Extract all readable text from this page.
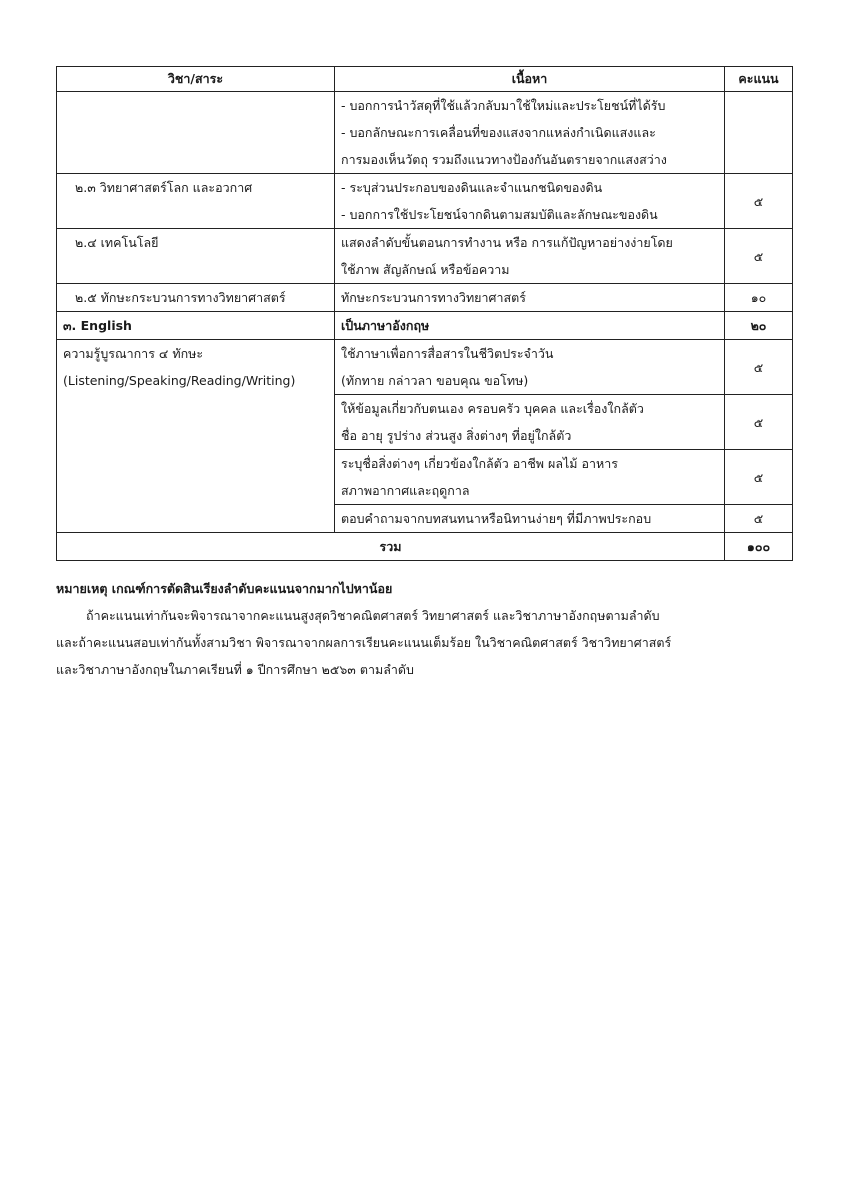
วิชา/สาระ	เนื้อหา	คะแนน

	- บอกการนำวัสดุที่ใช้แล้วกลับมาใช้ใหม่และประโยชน์ที่ได้รับ
- บอกลักษณะการเคลื่อนที่ของแสงจากแหล่งกำเนิดแสงและ
การมองเห็นวัตถุ รวมถึงแนวทางป้องกันอันตรายจากแสงสว่าง	

๒.๓ วิทยาศาสตร์โลก และอวกาศ	- ระบุส่วนประกอบของดินและจำแนกชนิดของดิน
- บอกการใช้ประโยชน์จากดินตามสมบัติและลักษณะของดิน	๕

๒.๔ เทคโนโลยี	แสดงลำดับขั้นตอนการทำงาน หรือ การแก้ปัญหาอย่างง่ายโดย
ใช้ภาพ สัญลักษณ์ หรือข้อความ	๕

๒.๕ ทักษะกระบวนการทางวิทยาศาสตร์	ทักษะกระบวนการทางวิทยาศาสตร์	๑๐

๓. English	เป็นภาษาอังกฤษ	๒๐

ความรู้บูรณาการ ๔ ทักษะ
(Listening/Speaking/Reading/Writing)	ใช้ภาษาเพื่อการสื่อสารในชีวิตประจำวัน
(ทักทาย กล่าวลา ขอบคุณ ขอโทษ)	๕

	ให้ข้อมูลเกี่ยวกับตนเอง ครอบครัว บุคคล และเรื่องใกล้ตัว
ชื่อ อายุ รูปร่าง ส่วนสูง สิ่งต่างๆ ที่อยู่ใกล้ตัว	๕

	ระบุชื่อสิ่งต่างๆ เกี่ยวข้องใกล้ตัว อาชีพ ผลไม้ อาหาร
สภาพอากาศและฤดูกาล	๕

	ตอบคำถามจากบทสนทนาหรือนิทานง่ายๆ ที่มีภาพประกอบ	๕

รวม		๑๐๐
หมายเหตุ เกณฑ์การตัดสินเรียงลำดับคะแนนจากมากไปหาน้อย
ถ้าคะแนนเท่ากันจะพิจารณาจากคะแนนสูงสุดวิชาคณิตศาสตร์ วิทยาศาสตร์ และวิชาภาษาอังกฤษตามลำดับ
และถ้าคะแนนสอบเท่ากันทั้งสามวิชา พิจารณาจากผลการเรียนคะแนนเต็มร้อย ในวิชาคณิตศาสตร์ วิชาวิทยาศาสตร์
และวิชาภาษาอังกฤษในภาคเรียนที่ ๑ ปีการศึกษา ๒๕๖๓ ตามลำดับ
